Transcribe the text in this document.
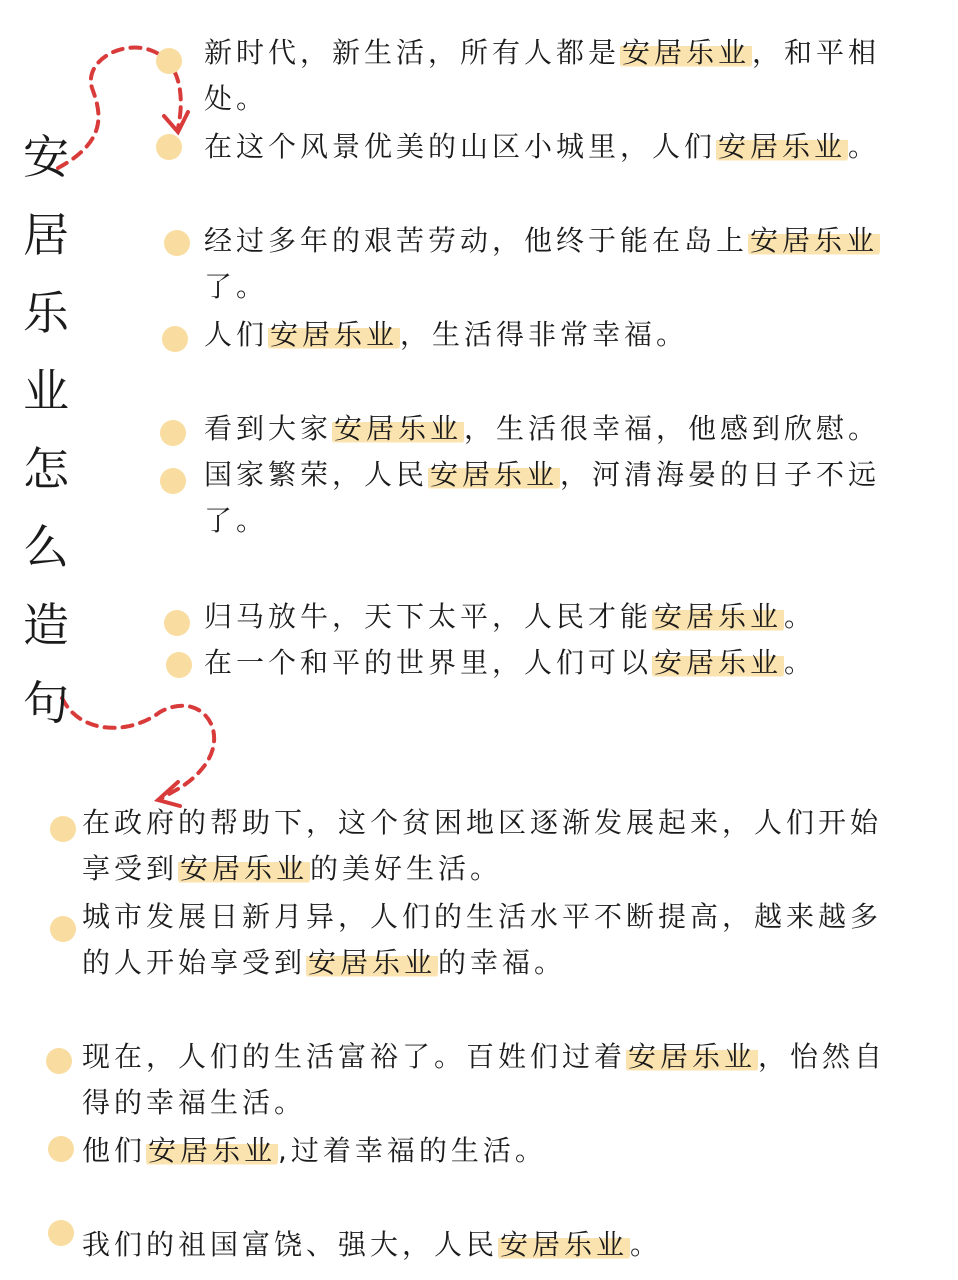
安
居
乐
业
怎
么
造
句

新时代，新生活，所有人都是安居乐业，和平相处。

在这个风景优美的山区小城里，人们安居乐业。

经过多年的艰苦劳动，他终于能在岛上安居乐业了。

人们安居乐业，生活得非常幸福。

看到大家安居乐业，生活很幸福，他感到欣慰。

国家繁荣，人民安居乐业，河清海晏的日子不远了。

归马放牛，天下太平，人民才能安居乐业。

在一个和平的世界里，人们可以安居乐业。

在政府的帮助下，这个贫困地区逐渐发展起来，人们开始享受到安居乐业的美好生活。

城市发展日新月异，人们的生活水平不断提高，越来越多的人开始享受到安居乐业的幸福。

现在，人们的生活富裕了。百姓们过着安居乐业，怡然自得的幸福生活。

他们安居乐业,过着幸福的生活。

我们的祖国富饶、强大，人民安居乐业。
